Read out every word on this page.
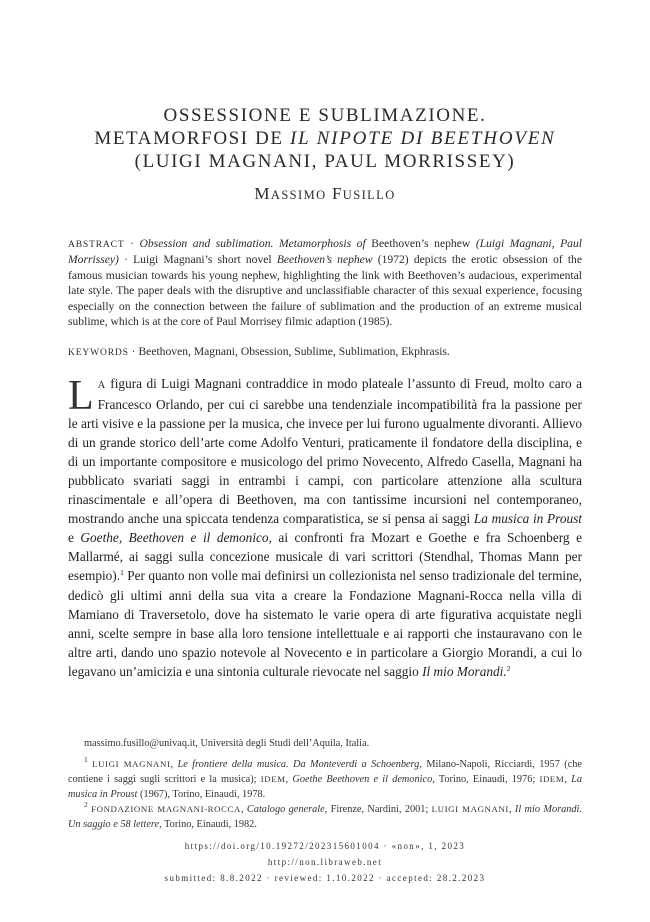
OSSESSIONE E SUBLIMAZIONE.
METAMORFOSI DE IL NIPOTE DI BEETHOVEN
(LUIGI MAGNANI, PAUL MORRISSEY)
MASSIMO FUSILLO
ABSTRACT · Obsession and sublimation. Metamorphosis of Beethoven’s nephew (Luigi Magnani, Paul Morrissey) · Luigi Magnani’s short novel Beethoven’s nephew (1972) depicts the erotic obsession of the famous musician towards his young nephew, highlighting the link with Beethoven’s audacious, experimental late style. The paper deals with the disruptive and unclassifiable character of this sexual experience, focusing especially on the connection between the failure of sublimation and the production of an extreme musical sublime, which is at the core of Paul Morrisey filmic adaption (1985).
KEYWORDS · Beethoven, Magnani, Obsession, Sublime, Sublimation, Ekphrasis.
LA figura di Luigi Magnani contraddice in modo plateale l’assunto di Freud, molto caro a Francesco Orlando, per cui ci sarebbe una tendenziale incompatibilità fra la passione per le arti visive e la passione per la musica, che invece per lui furono ugualmente divoranti. Allievo di un grande storico dell’arte come Adolfo Venturi, praticamente il fondatore della disciplina, e di un importante compositore e musicologo del primo Novecento, Alfredo Casella, Magnani ha pubblicato svariati saggi in entrambi i campi, con particolare attenzione alla scultura rinascimentale e all’opera di Beethoven, ma con tantissime incursioni nel contemporaneo, mostrando anche una spiccata tendenza comparatistica, se si pensa ai saggi La musica in Proust e Goethe, Beethoven e il demonico, ai confronti fra Mozart e Goethe e fra Schoenberg e Mallarmé, ai saggi sulla concezione musicale di vari scrittori (Stendhal, Thomas Mann per esempio).$^1$ Per quanto non volle mai definirsi un collezionista nel senso tradizionale del termine, dedicò gli ultimi anni della sua vita a creare la Fondazione Magnani-Rocca nella villa di Mamiano di Traversetolo, dove ha sistemato le varie opera di arte figurativa acquistate negli anni, scelte sempre in base alla loro tensione intellettuale e ai rapporti che instauravano con le altre arti, dando uno spazio notevole al Novecento e in particolare a Giorgio Morandi, a cui lo legavano un’amicizia e una sintonia culturale rievocate nel saggio Il mio Morandi.$^2$

massimo.fusillo@univaq.it, Università degli Studi dell’Aquila, Italia.

$^1$ LUIGI MAGNANI, Le frontiere della musica. Da Monteverdi a Schoenberg, Milano-Napoli, Ricciardi, 1957 (che contiene i saggi sugli scrittori e la musica); IDEM, Goethe Beethoven e il demonico, Torino, Einaudi, 1976; IDEM, La musica in Proust (1967), Torino, Einaudi, 1978.

$^2$ FONDAZIONE MAGNANI-ROCCA, Catalogo generale, Firenze, Nardini, 2001; LUIGI MAGNANI, Il mio Morandi. Un saggio e 58 lettere, Torino, Einaudi, 1982.

https://doi.org/10.19272/202315601004 · «non», 1, 2023
http://non.libraweb.net
submitted: 8.8.2022 · reviewed: 1.10.2022 · accepted: 28.2.2023
